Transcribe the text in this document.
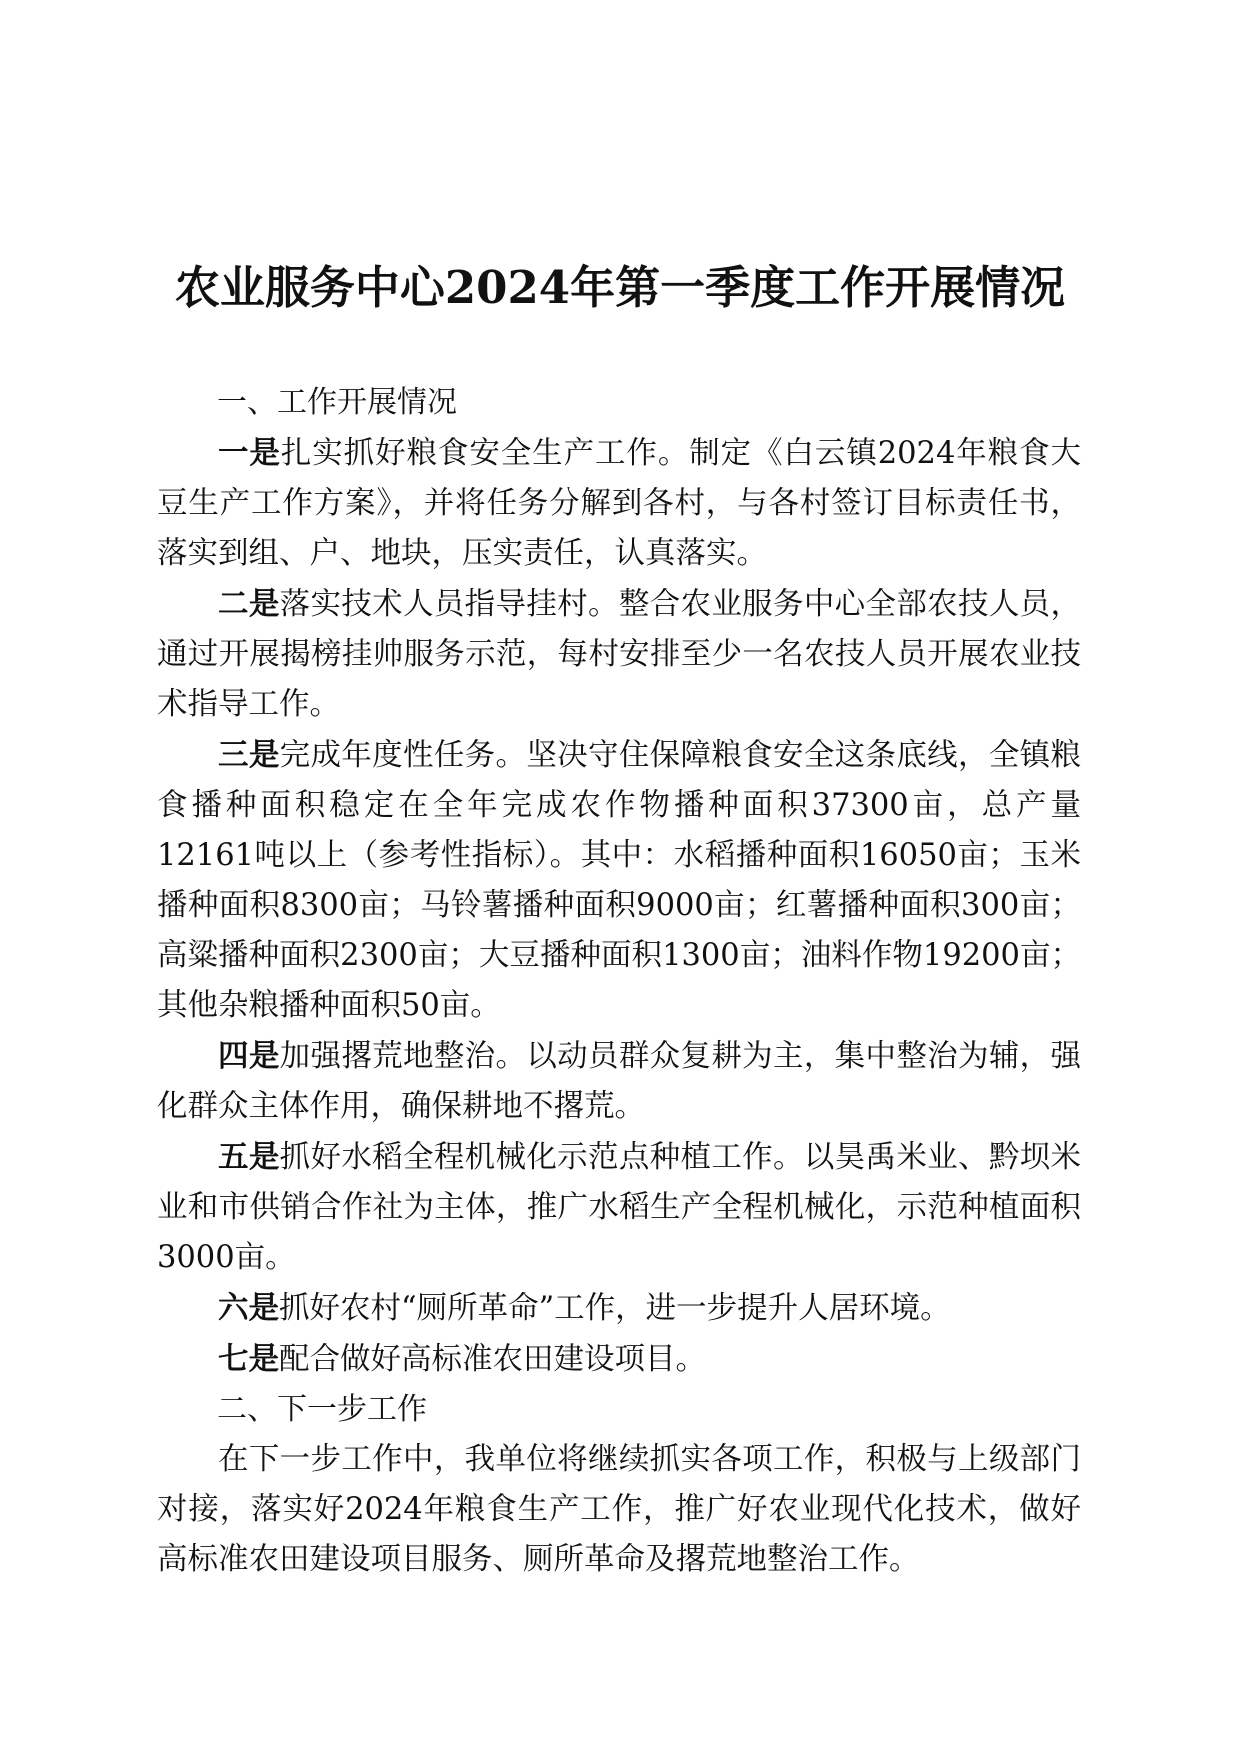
农业服务中心2024年第一季度工作开展情况

一、工作开展情况

一是扎实抓好粮食安全生产工作。制定《白云镇2024年粮食大豆生产工作方案》，并将任务分解到各村，与各村签订目标责任书，落实到组、户、地块，压实责任，认真落实。

二是落实技术人员指导挂村。整合农业服务中心全部农技人员，通过开展揭榜挂帅服务示范，每村安排至少一名农技人员开展农业技术指导工作。

三是完成年度性任务。坚决守住保障粮食安全这条底线，全镇粮食播种面积稳定在全年完成农作物播种面积37300亩，总产量12161吨以上（参考性指标）。其中：水稻播种面积16050亩；玉米播种面积8300亩；马铃薯播种面积9000亩；红薯播种面积300亩；高粱播种面积2300亩；大豆播种面积1300亩；油料作物19200亩；其他杂粮播种面积50亩。

四是加强撂荒地整治。以动员群众复耕为主，集中整治为辅，强化群众主体作用，确保耕地不撂荒。

五是抓好水稻全程机械化示范点种植工作。以昊禹米业、黔坝米业和市供销合作社为主体，推广水稻生产全程机械化，示范种植面积3000亩。

六是抓好农村“厕所革命”工作，进一步提升人居环境。

七是配合做好高标准农田建设项目。

二、下一步工作

在下一步工作中，我单位将继续抓实各项工作，积极与上级部门对接，落实好2024年粮食生产工作，推广好农业现代化技术，做好高标准农田建设项目服务、厕所革命及撂荒地整治工作。
